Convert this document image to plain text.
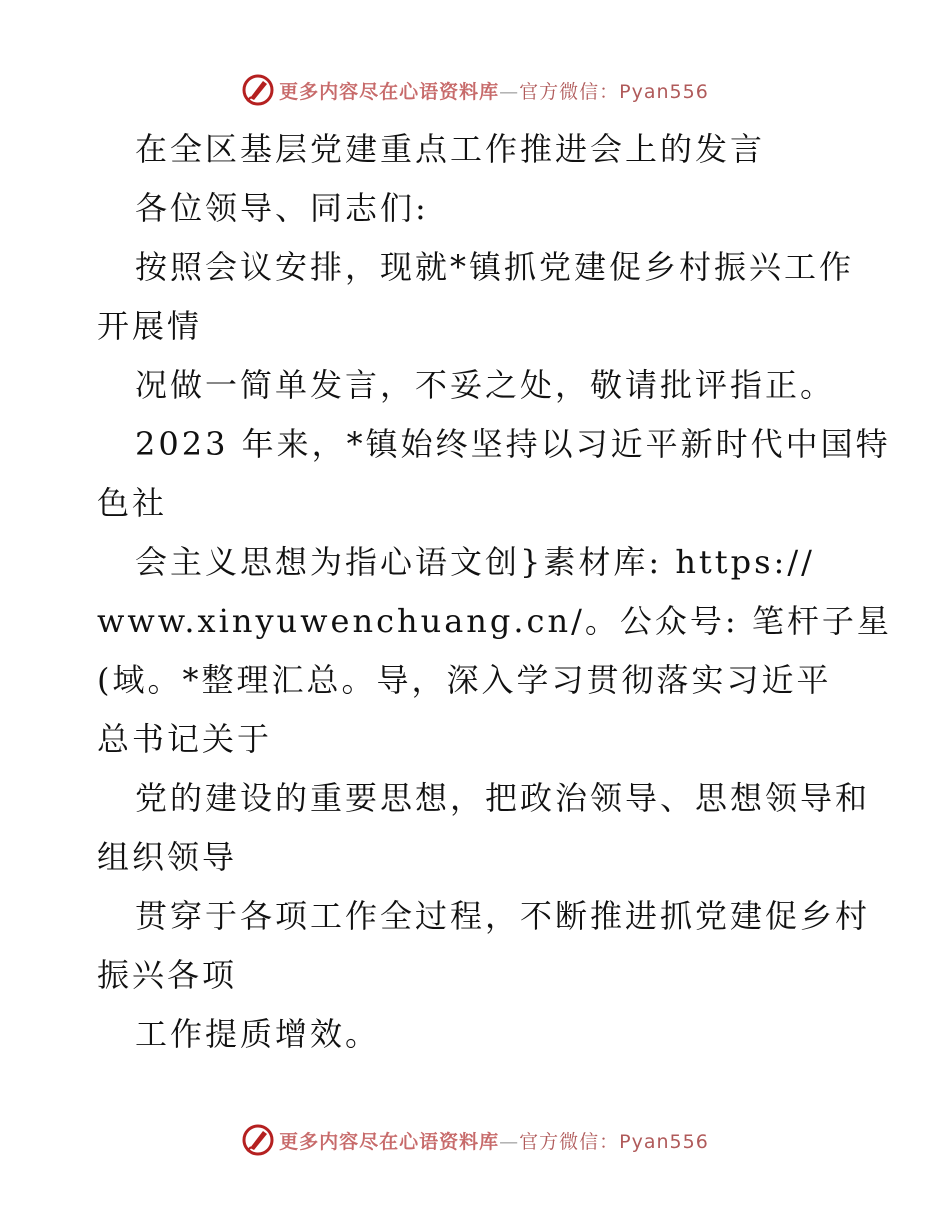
更多内容尽在心语资料库—官方微信：Pyan556
在全区基层党建重点工作推进会上的发言
各位领导、同志们:
按照会议安排，现就*镇抓党建促乡村振兴工作
开展情
况做一简单发言，不妥之处，敬请批评指正。
2023 年来，*镇始终坚持以习近平新时代中国特
色社
会主义思想为指心语文创}素材库: https://
www.xinyuwenchuang.cn/。公众号: 笔杆子星
(域。*整理汇总。导，深入学习贯彻落实习近平
总书记关于
党的建设的重要思想，把政治领导、思想领导和
组织领导
贯穿于各项工作全过程，不断推进抓党建促乡村
振兴各项
工作提质增效。
更多内容尽在心语资料库—官方微信：Pyan556
